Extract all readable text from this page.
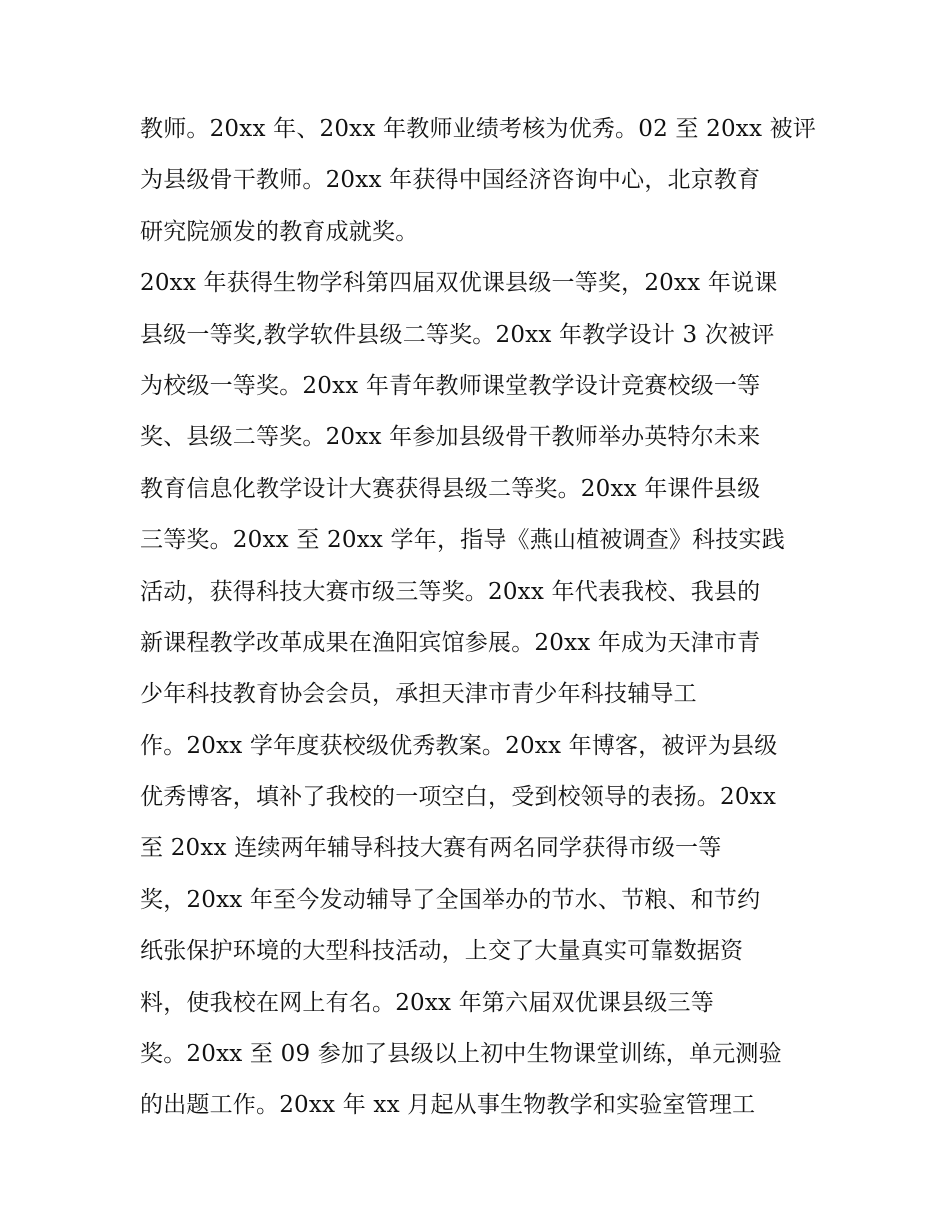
教师。20xx 年、20xx 年教师业绩考核为优秀。02 至 20xx 被评
为县级骨干教师。20xx 年获得中国经济咨询中心，北京教育
研究院颁发的教育成就奖。
20xx 年获得生物学科第四届双优课县级一等奖，20xx 年说课
县级一等奖,教学软件县级二等奖。20xx 年教学设计 3 次被评
为校级一等奖。20xx 年青年教师课堂教学设计竞赛校级一等
奖、县级二等奖。20xx 年参加县级骨干教师举办英特尔未来
教育信息化教学设计大赛获得县级二等奖。20xx 年课件县级
三等奖。20xx 至 20xx 学年，指导《燕山植被调查》科技实践
活动，获得科技大赛市级三等奖。20xx 年代表我校、我县的
新课程教学改革成果在渔阳宾馆参展。20xx 年成为天津市青
少年科技教育协会会员，承担天津市青少年科技辅导工
作。20xx 学年度获校级优秀教案。20xx 年博客，被评为县级
优秀博客，填补了我校的一项空白，受到校领导的表扬。20xx
至 20xx 连续两年辅导科技大赛有两名同学获得市级一等
奖，20xx 年至今发动辅导了全国举办的节水、节粮、和节约
纸张保护环境的大型科技活动，上交了大量真实可靠数据资
料，使我校在网上有名。20xx 年第六届双优课县级三等
奖。20xx 至 09 参加了县级以上初中生物课堂训练，单元测验
的出题工作。20xx 年 xx 月起从事生物教学和实验室管理工
